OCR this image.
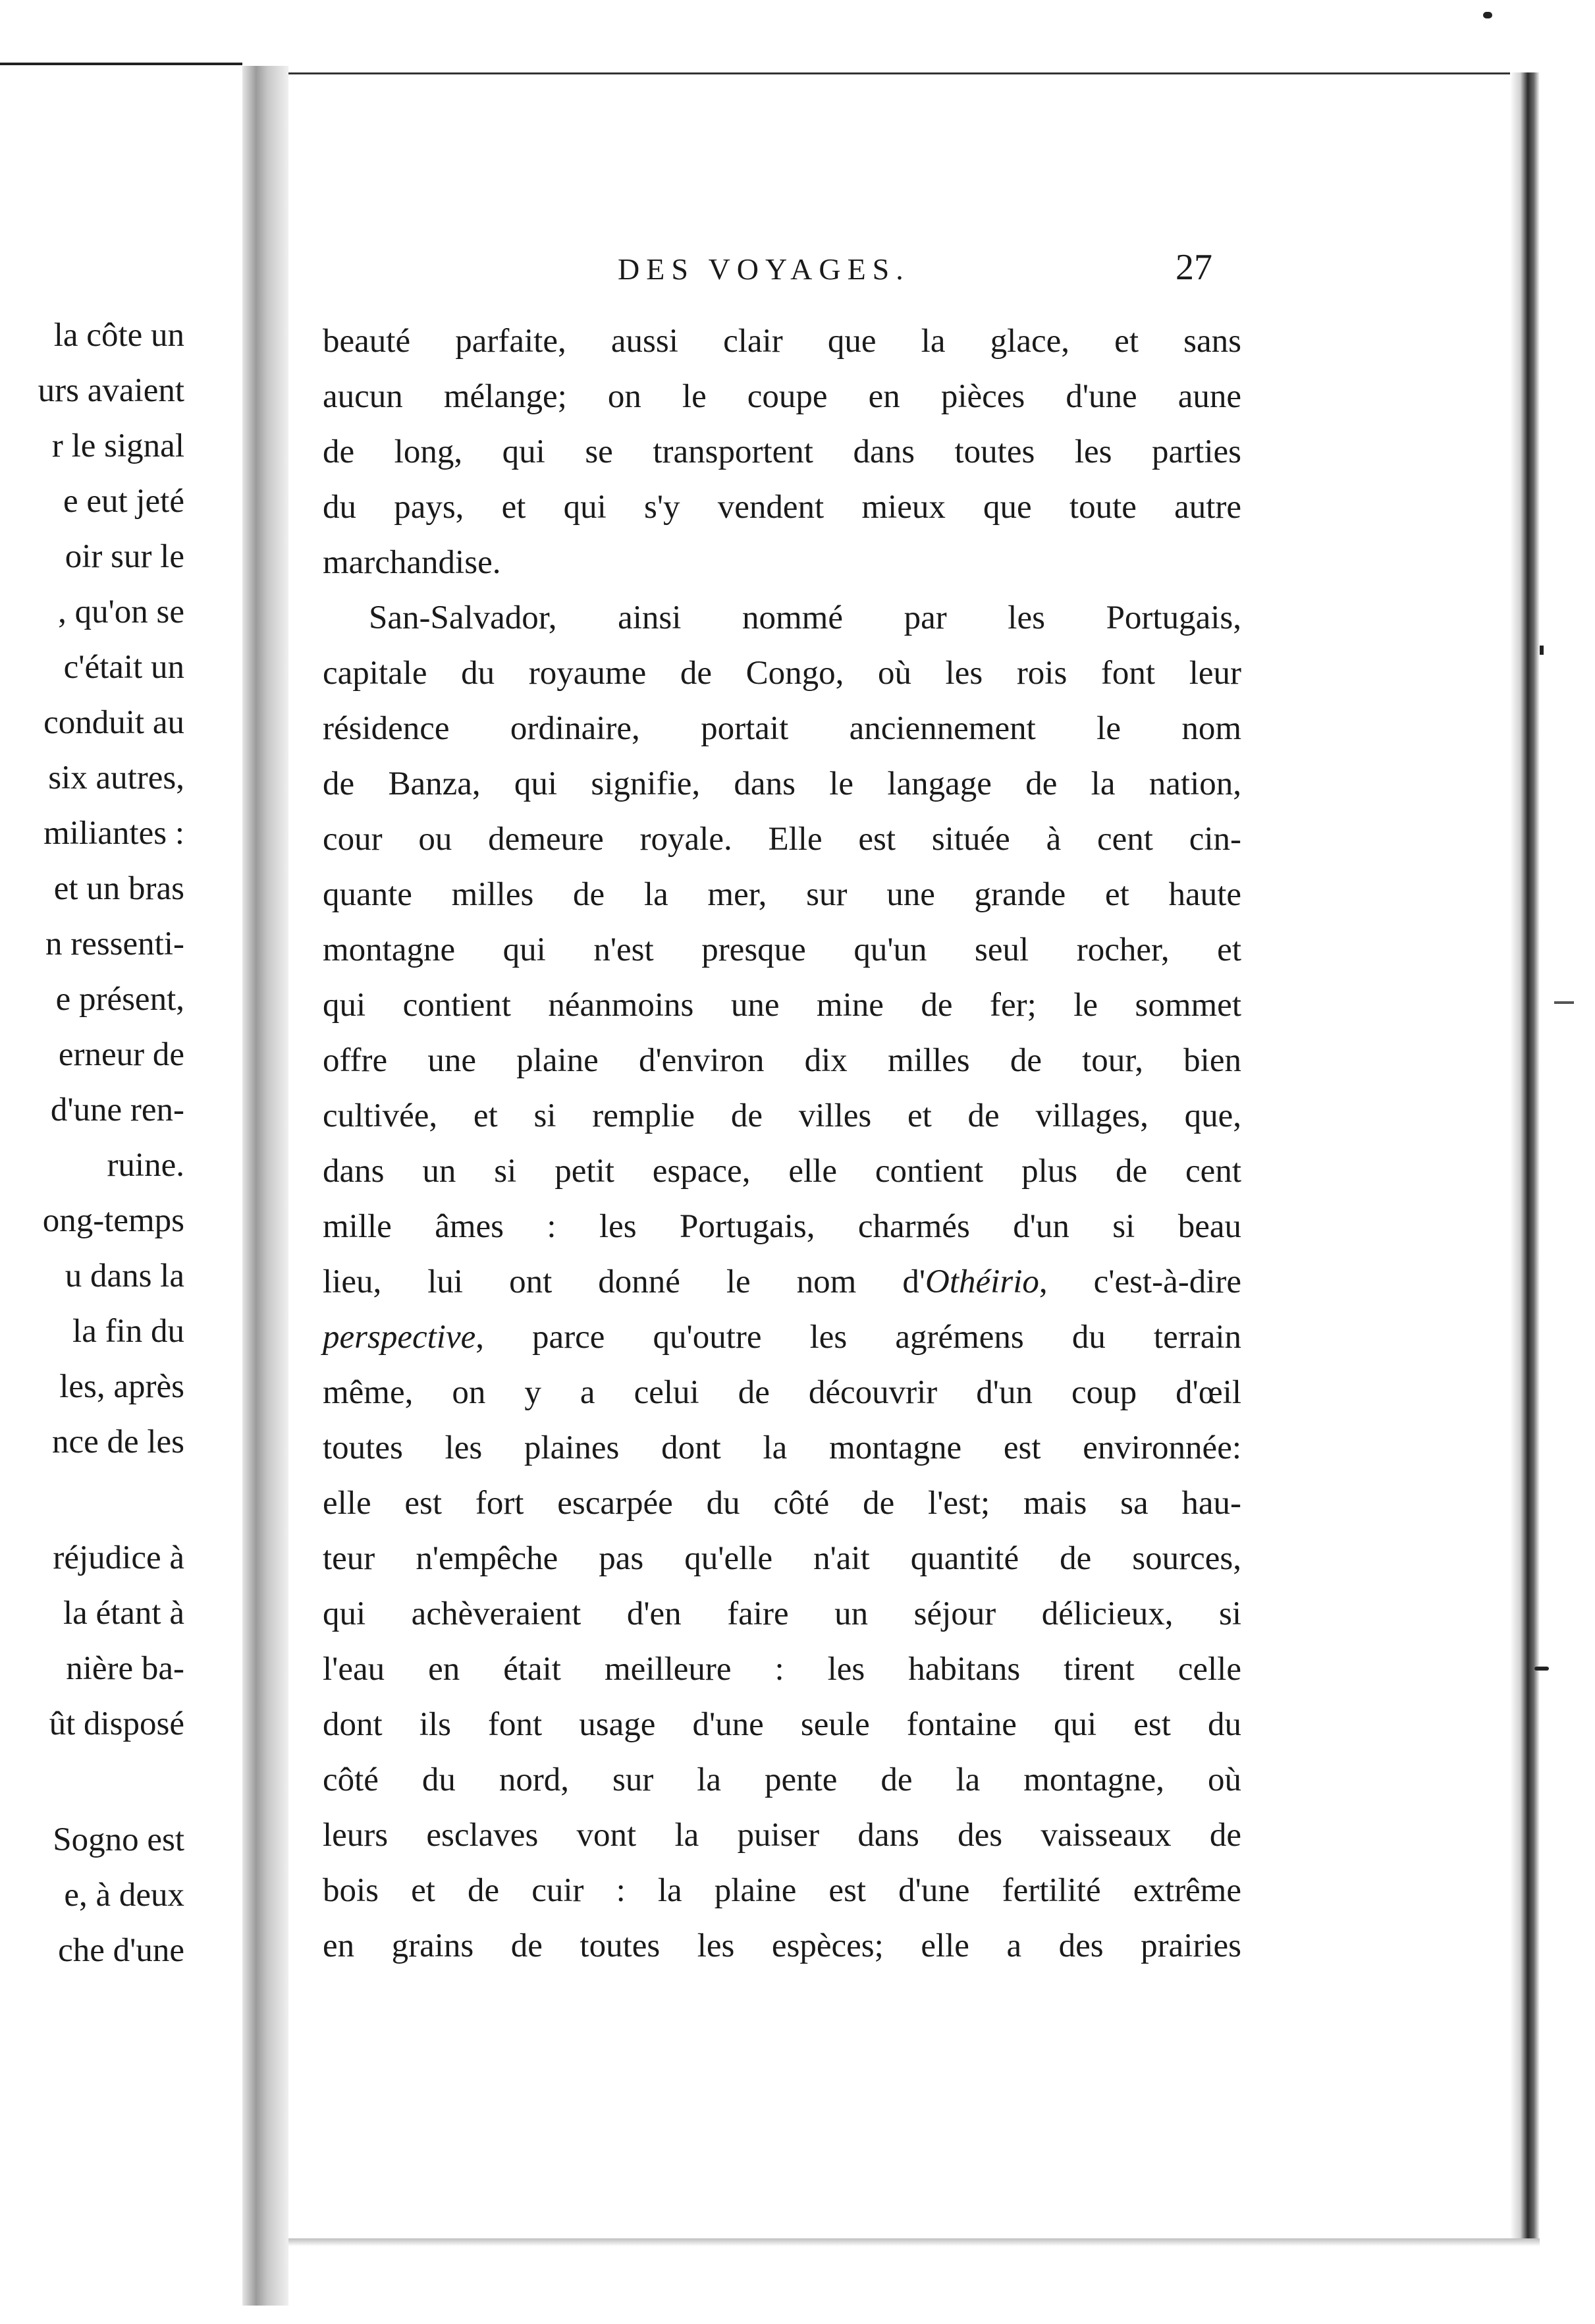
la côte un
urs avaient
r le signal
e eut jeté
oir sur le
, qu'on se
c'était un
conduit au
six autres,
miliantes :
et un bras
n ressenti-
e présent,
erneur de
d'une ren-
ruine.
ong-temps
u dans la
la fin du
les, après
nce de les
réjudice à
la étant à
nière ba-
ût disposé
Sogno est
e, à deux
che d'une
DES VOYAGES.	27
beauté parfaite, aussi clair que la glace, et sans
aucun mélange; on le coupe en pièces d'une aune
de long, qui se transportent dans toutes les parties
du pays, et qui s'y vendent mieux que toute autre
marchandise.
San-Salvador, ainsi nommé par les Portugais,
capitale du royaume de Congo, où les rois font leur
résidence ordinaire, portait anciennement le nom
de Banza, qui signifie, dans le langage de la nation,
cour ou demeure royale. Elle est située à cent cin-
quante milles de la mer, sur une grande et haute
montagne qui n'est presque qu'un seul rocher, et
qui contient néanmoins une mine de fer; le sommet
offre une plaine d'environ dix milles de tour, bien
cultivée, et si remplie de villes et de villages, que,
dans un si petit espace, elle contient plus de cent
mille âmes : les Portugais, charmés d'un si beau
lieu, lui ont donné le nom d'Othéirio, c'est-à-dire
perspective, parce qu'outre les agrémens du terrain
même, on y a celui de découvrir d'un coup d'œil
toutes les plaines dont la montagne est environnée:
elle est fort escarpée du côté de l'est; mais sa hau-
teur n'empêche pas qu'elle n'ait quantité de sources,
qui achèveraient d'en faire un séjour délicieux, si
l'eau en était meilleure : les habitans tirent celle
dont ils font usage d'une seule fontaine qui est du
côté du nord, sur la pente de la montagne, où
leurs esclaves vont la puiser dans des vaisseaux de
bois et de cuir : la plaine est d'une fertilité extrême
en grains de toutes les espèces; elle a des prairies
